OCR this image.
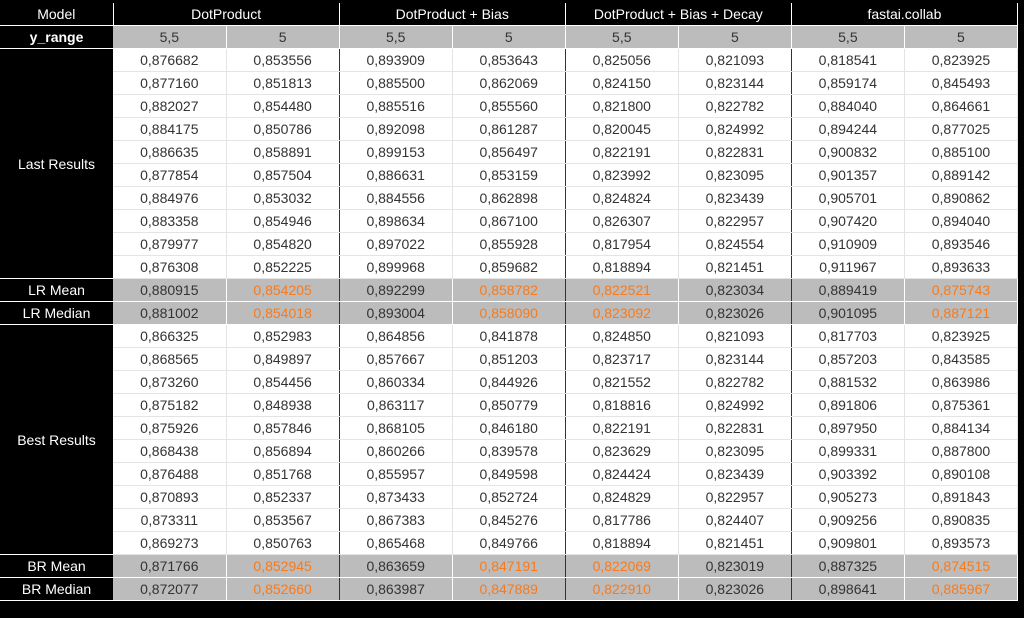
Model	DotProduct		DotProduct + Bias		DotProduct + Bias + Decay		fastai.collab	
y_range	5,5	5	5,5	5	5,5	5	5,5	5
Last Results	0,876682	0,853556	0,893909	0,853643	0,825056	0,821093	0,818541	0,823925
	0,877160	0,851813	0,885500	0,862069	0,824150	0,823144	0,859174	0,845493
	0,882027	0,854480	0,885516	0,855560	0,821800	0,822782	0,884040	0,864661
	0,884175	0,850786	0,892098	0,861287	0,820045	0,824992	0,894244	0,877025
	0,886635	0,858891	0,899153	0,856497	0,822191	0,822831	0,900832	0,885100
	0,877854	0,857504	0,886631	0,853159	0,823992	0,823095	0,901357	0,889142
	0,884976	0,853032	0,884556	0,862898	0,824824	0,823439	0,905701	0,890862
	0,883358	0,854946	0,898634	0,867100	0,826307	0,822957	0,907420	0,894040
	0,879977	0,854820	0,897022	0,855928	0,817954	0,824554	0,910909	0,893546
	0,876308	0,852225	0,899968	0,859682	0,818894	0,821451	0,911967	0,893633
LR Mean	0,880915	0,854205	0,892299	0,858782	0,822521	0,823034	0,889419	0,875743
LR Median	0,881002	0,854018	0,893004	0,858090	0,823092	0,823026	0,901095	0,887121
Best Results	0,866325	0,852983	0,864856	0,841878	0,824850	0,821093	0,817703	0,823925
	0,868565	0,849897	0,857667	0,851203	0,823717	0,823144	0,857203	0,843585
	0,873260	0,854456	0,860334	0,844926	0,821552	0,822782	0,881532	0,863986
	0,875182	0,848938	0,863117	0,850779	0,818816	0,824992	0,891806	0,875361
	0,875926	0,857846	0,868105	0,846180	0,822191	0,822831	0,897950	0,884134
	0,868438	0,856894	0,860266	0,839578	0,823629	0,823095	0,899331	0,887800
	0,876488	0,851768	0,855957	0,849598	0,824424	0,823439	0,903392	0,890108
	0,870893	0,852337	0,873433	0,852724	0,824829	0,822957	0,905273	0,891843
	0,873311	0,853567	0,867383	0,845276	0,817786	0,824407	0,909256	0,890835
	0,869273	0,850763	0,865468	0,849766	0,818894	0,821451	0,909801	0,893573
BR Mean	0,871766	0,852945	0,863659	0,847191	0,822069	0,823019	0,887325	0,874515
BR Median	0,872077	0,852660	0,863987	0,847889	0,822910	0,823026	0,898641	0,885967
